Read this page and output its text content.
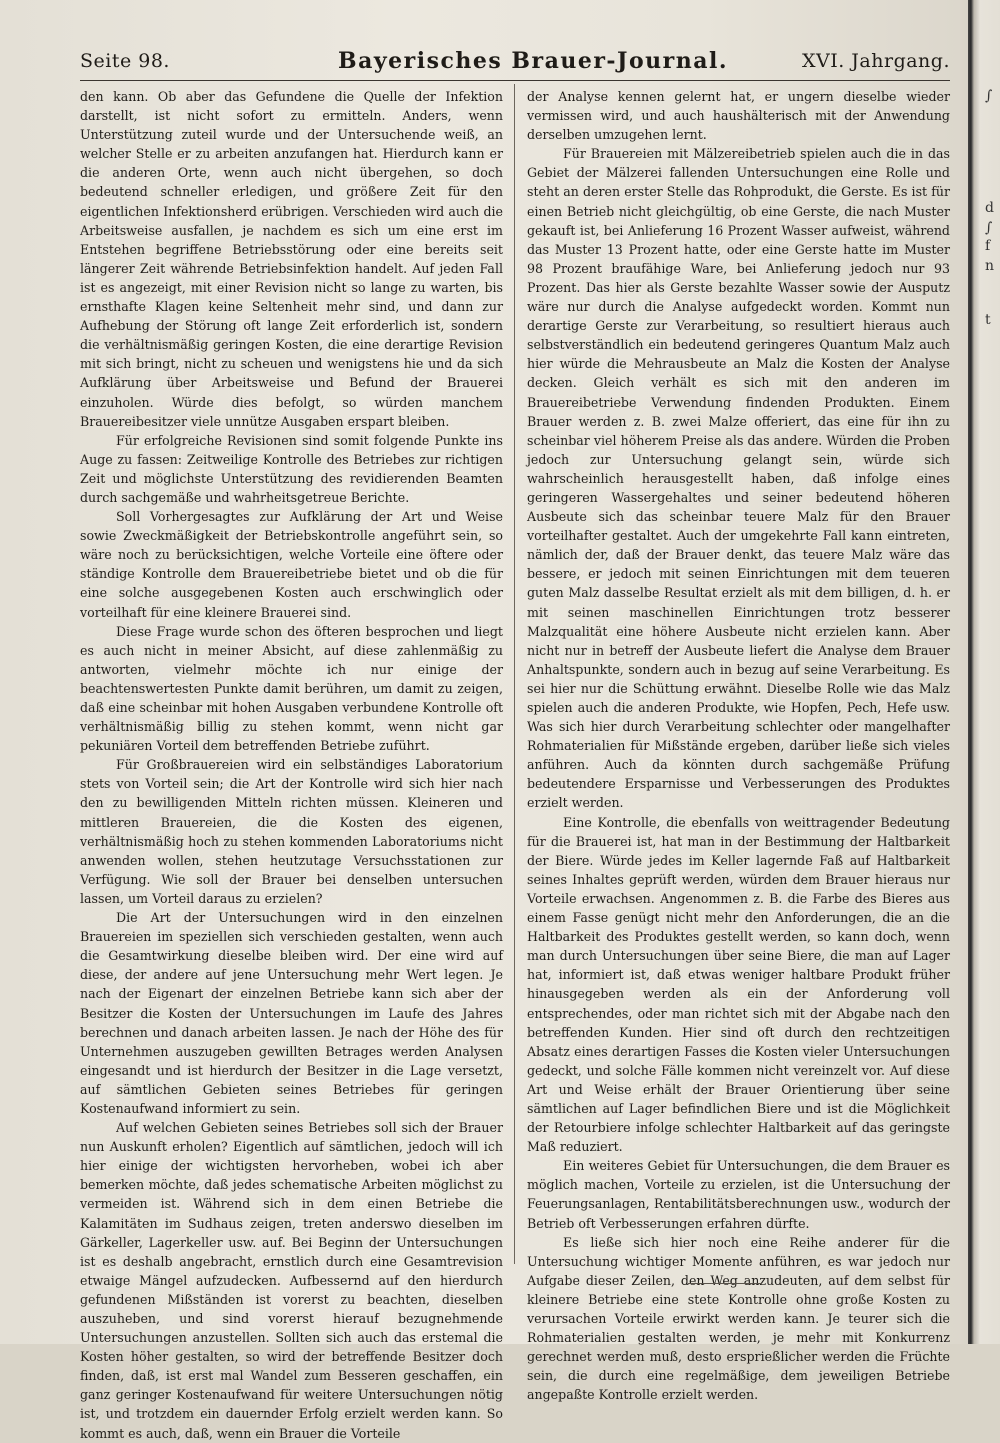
∫
d
∫
f
n
t
Seite 98.	Bayerisches Brauer-Journal.	XVI. Jahrgang.

den kann. Ob aber das Gefundene die Quelle der Infektion darstellt, ist nicht sofort zu ermitteln. Anders, wenn Unterstützung zuteil wurde und der Untersuchende weiß, an welcher Stelle er zu arbeiten anzufangen hat. Hierdurch kann er die anderen Orte, wenn auch nicht übergehen, so doch bedeutend schneller erledigen, und größere Zeit für den eigentlichen Infektionsherd erübrigen. Verschieden wird auch die Arbeitsweise ausfallen, je nachdem es sich um eine erst im Entstehen begriffene Betriebsstörung oder eine bereits seit längerer Zeit währende Betriebsinfektion handelt. Auf jeden Fall ist es angezeigt, mit einer Revision nicht so lange zu warten, bis ernsthafte Klagen keine Seltenheit mehr sind, und dann zur Aufhebung der Störung oft lange Zeit erforderlich ist, sondern die verhältnismäßig geringen Kosten, die eine derartige Revision mit sich bringt, nicht zu scheuen und wenigstens hie und da sich Aufklärung über Arbeitsweise und Befund der Brauerei einzuholen. Würde dies befolgt, so würden manchem Brauereibesitzer viele unnütze Ausgaben erspart bleiben.

Für erfolgreiche Revisionen sind somit folgende Punkte ins Auge zu fassen: Zeitweilige Kontrolle des Betriebes zur richtigen Zeit und möglichste Unterstützung des revidierenden Beamten durch sachgemäße und wahrheitsgetreue Berichte.

Soll Vorhergesagtes zur Aufklärung der Art und Weise sowie Zweckmäßigkeit der Betriebskontrolle angeführt sein, so wäre noch zu berücksichtigen, welche Vorteile eine öftere oder ständige Kontrolle dem Brauereibetriebe bietet und ob die für eine solche ausgegebenen Kosten auch erschwinglich oder vorteilhaft für eine kleinere Brauerei sind.

Diese Frage wurde schon des öfteren besprochen und liegt es auch nicht in meiner Absicht, auf diese zahlenmäßig zu antworten, vielmehr möchte ich nur einige der beachtenswertesten Punkte damit berühren, um damit zu zeigen, daß eine scheinbar mit hohen Ausgaben verbundene Kontrolle oft verhältnismäßig billig zu stehen kommt, wenn nicht gar pekuniären Vorteil dem betreffenden Betriebe zuführt.

Für Großbrauereien wird ein selbständiges Laboratorium stets von Vorteil sein; die Art der Kontrolle wird sich hier nach den zu bewilligenden Mitteln richten müssen. Kleineren und mittleren Brauereien, die die Kosten des eigenen, verhältnismäßig hoch zu stehen kommenden Laboratoriums nicht anwenden wollen, stehen heutzutage Versuchsstationen zur Verfügung. Wie soll der Brauer bei denselben untersuchen lassen, um Vorteil daraus zu erzielen?

Die Art der Untersuchungen wird in den einzelnen Brauereien im speziellen sich verschieden gestalten, wenn auch die Gesamtwirkung dieselbe bleiben wird. Der eine wird auf diese, der andere auf jene Untersuchung mehr Wert legen. Je nach der Eigenart der einzelnen Betriebe kann sich aber der Besitzer die Kosten der Untersuchungen im Laufe des Jahres berechnen und danach arbeiten lassen. Je nach der Höhe des für Unternehmen auszugeben gewillten Betrages werden Analysen eingesandt und ist hierdurch der Besitzer in die Lage versetzt, auf sämtlichen Gebieten seines Betriebes für geringen Kostenaufwand informiert zu sein.

Auf welchen Gebieten seines Betriebes soll sich der Brauer nun Auskunft erholen? Eigentlich auf sämtlichen, jedoch will ich hier einige der wichtigsten hervorheben, wobei ich aber bemerken möchte, daß jedes schematische Arbeiten möglichst zu vermeiden ist. Während sich in dem einen Betriebe die Kalamitäten im Sudhaus zeigen, treten anderswo dieselben im Gärkeller, Lagerkeller usw. auf. Bei Beginn der Untersuchungen ist es deshalb angebracht, ernstlich durch eine Gesamtrevision etwaige Mängel aufzudecken. Aufbessernd auf den hierdurch gefundenen Mißständen ist vorerst zu beachten, dieselben auszuheben, und sind vorerst hierauf bezugnehmende Untersuchungen anzustellen. Sollten sich auch das erstemal die Kosten höher gestalten, so wird der betreffende Besitzer doch finden, daß, ist erst mal Wandel zum Besseren geschaffen, ein ganz geringer Kostenaufwand für weitere Untersuchungen nötig ist, und trotzdem ein dauernder Erfolg erzielt werden kann. So kommt es auch, daß, wenn ein Brauer die Vorteile

der Analyse kennen gelernt hat, er ungern dieselbe wieder vermissen wird, und auch haushälterisch mit der Anwendung derselben umzugehen lernt.

Für Brauereien mit Mälzereibetrieb spielen auch die in das Gebiet der Mälzerei fallenden Untersuchungen eine Rolle und steht an deren erster Stelle das Rohprodukt, die Gerste. Es ist für einen Betrieb nicht gleichgültig, ob eine Gerste, die nach Muster gekauft ist, bei Anlieferung 16 Prozent Wasser aufweist, während das Muster 13 Prozent hatte, oder eine Gerste hatte im Muster 98 Prozent braufähige Ware, bei Anlieferung jedoch nur 93 Prozent. Das hier als Gerste bezahlte Wasser sowie der Ausputz wäre nur durch die Analyse aufgedeckt worden. Kommt nun derartige Gerste zur Verarbeitung, so resultiert hieraus auch selbstverständlich ein bedeutend geringeres Quantum Malz auch hier würde die Mehrausbeute an Malz die Kosten der Analyse decken. Gleich verhält es sich mit den anderen im Brauereibetriebe Verwendung findenden Produkten. Einem Brauer werden z. B. zwei Malze offeriert, das eine für ihn zu scheinbar viel höherem Preise als das andere. Würden die Proben jedoch zur Untersuchung gelangt sein, würde sich wahrscheinlich herausgestellt haben, daß infolge eines geringeren Wassergehaltes und seiner bedeutend höheren Ausbeute sich das scheinbar teuere Malz für den Brauer vorteilhafter gestaltet. Auch der umgekehrte Fall kann eintreten, nämlich der, daß der Brauer denkt, das teuere Malz wäre das bessere, er jedoch mit seinen Einrichtungen mit dem teueren guten Malz dasselbe Resultat erzielt als mit dem billigen, d. h. er mit seinen maschinellen Einrichtungen trotz besserer Malzqualität eine höhere Ausbeute nicht erzielen kann. Aber nicht nur in betreff der Ausbeute liefert die Analyse dem Brauer Anhaltspunkte, sondern auch in bezug auf seine Verarbeitung. Es sei hier nur die Schüttung erwähnt. Dieselbe Rolle wie das Malz spielen auch die anderen Produkte, wie Hopfen, Pech, Hefe usw. Was sich hier durch Verarbeitung schlechter oder mangelhafter Rohmaterialien für Mißstände ergeben, darüber ließe sich vieles anführen. Auch da könnten durch sachgemäße Prüfung bedeutendere Ersparnisse und Verbesserungen des Produktes erzielt werden.

Eine Kontrolle, die ebenfalls von weittragender Bedeutung für die Brauerei ist, hat man in der Bestimmung der Haltbarkeit der Biere. Würde jedes im Keller lagernde Faß auf Haltbarkeit seines Inhaltes geprüft werden, würden dem Brauer hieraus nur Vorteile erwachsen. Angenommen z. B. die Farbe des Bieres aus einem Fasse genügt nicht mehr den Anforderungen, die an die Haltbarkeit des Produktes gestellt werden, so kann doch, wenn man durch Untersuchungen über seine Biere, die man auf Lager hat, informiert ist, daß etwas weniger haltbare Produkt früher hinausgegeben werden als ein der Anforderung voll entsprechendes, oder man richtet sich mit der Abgabe nach den betreffenden Kunden. Hier sind oft durch den rechtzeitigen Absatz eines derartigen Fasses die Kosten vieler Untersuchungen gedeckt, und solche Fälle kommen nicht vereinzelt vor. Auf diese Art und Weise erhält der Brauer Orientierung über seine sämtlichen auf Lager befindlichen Biere und ist die Möglichkeit der Retourbiere infolge schlechter Haltbarkeit auf das geringste Maß reduziert.

Ein weiteres Gebiet für Untersuchungen, die dem Brauer es möglich machen, Vorteile zu erzielen, ist die Untersuchung der Feuerungsanlagen, Rentabilitätsberechnungen usw., wodurch der Betrieb oft Verbesserungen erfahren dürfte.

Es ließe sich hier noch eine Reihe anderer für die Untersuchung wichtiger Momente anführen, es war jedoch nur Aufgabe dieser Zeilen, den Weg anzudeuten, auf dem selbst für kleinere Betriebe eine stete Kontrolle ohne große Kosten zu verursachen Vorteile erwirkt werden kann. Je teurer sich die Rohmaterialien gestalten werden, je mehr mit Konkurrenz gerechnet werden muß, desto ersprießlicher werden die Früchte sein, die durch eine regelmäßige, dem jeweiligen Betriebe angepaßte Kontrolle erzielt werden.
